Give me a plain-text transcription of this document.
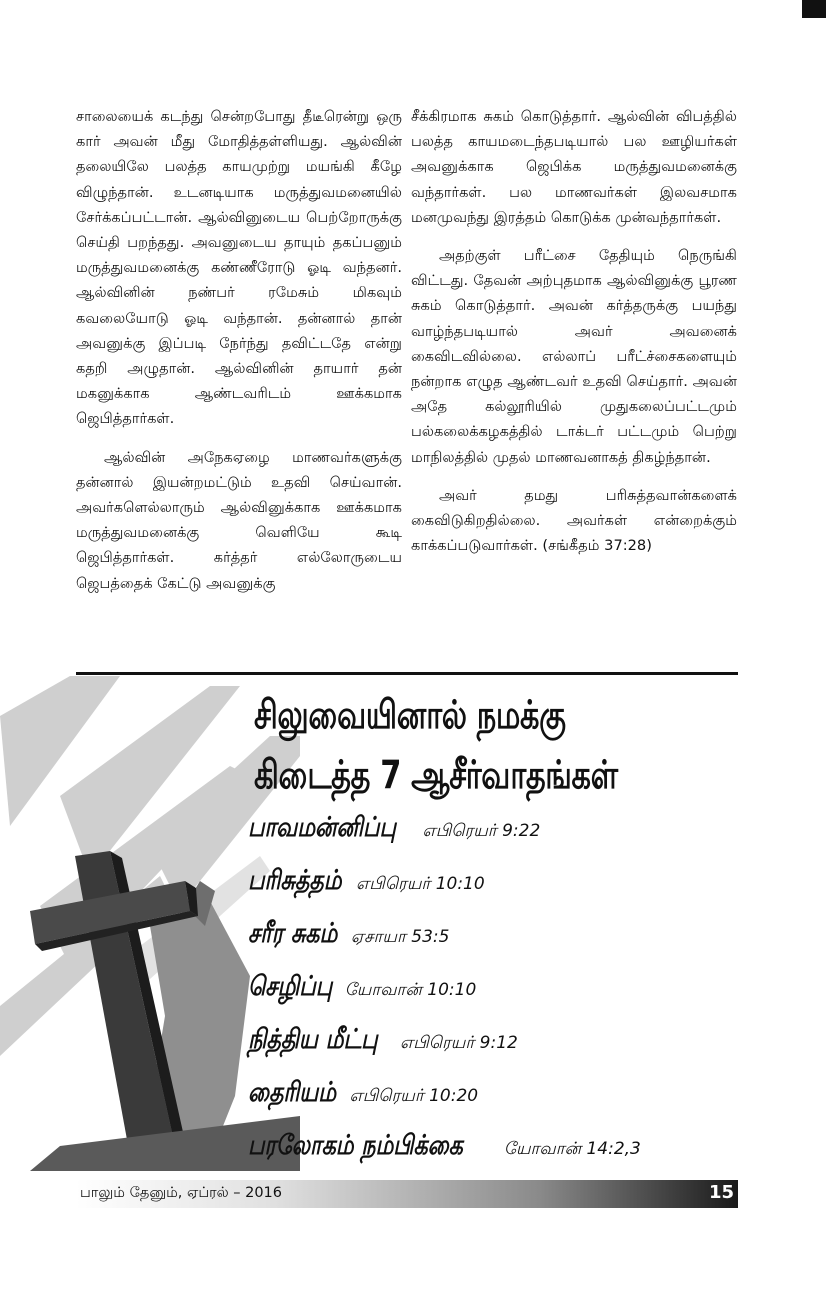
சாலையைக் கடந்து சென்றபோது தீடீரென்று ஒரு கார் அவன் மீது மோதித்தள்ளியது. ஆல்வின் தலையிலே பலத்த காயமுற்று மயங்கி கீழே விழுந்தான். உடனடியாக மருத்துவமனையில் சேர்க்கப்பட்டான். ஆல்வினுடைய பெற்றோருக்கு செய்தி பறந்தது. அவனுடைய தாயும் தகப்பனும் மருத்துவமனைக்கு கண்ணீரோடு ஓடி வந்தனர். ஆல்வினின் நண்பர் ரமேசும் மிகவும் கவலையோடு ஓடி வந்தான். தன்னால் தான் அவனுக்கு இப்படி நேர்ந்து தவிட்டதே என்று கதறி அழுதான். ஆல்வினின் தாயார் தன் மகனுக்காக ஆண்டவரிடம் ஊக்கமாக ஜெபித்தார்கள்.

ஆல்வின் அநேகஏழை மாணவர்களுக்கு தன்னால் இயன்றமட்டும் உதவி செய்வான். அவர்களெல்லாரும் ஆல்வினுக்காக ஊக்கமாக மருத்துவமனைக்கு வெளியே கூடி ஜெபித்தார்கள். கர்த்தர் எல்லோருடைய ஜெபத்தைக் கேட்டு அவனுக்கு

சீக்கிரமாக சுகம் கொடுத்தார். ஆல்வின் விபத்தில் பலத்த காயமடைந்தபடியால் பல ஊழியர்கள் அவனுக்காக ஜெபிக்க மருத்துவமனைக்கு வந்தார்கள். பல மாணவர்கள் இலவசமாக மனமுவந்து இரத்தம் கொடுக்க முன்வந்தார்கள்.

அதற்குள் பரீட்சை தேதியும் நெருங்கி விட்டது. தேவன் அற்புதமாக ஆல்வினுக்கு பூரண சுகம் கொடுத்தார். அவன் கர்த்தருக்கு பயந்து வாழ்ந்தபடியால் அவர் அவனைக் கைவிடவில்லை. எல்லாப் பரீட்ச்சைகளையும் நன்றாக எழுத ஆண்டவர் உதவி செய்தார். அவன் அதே கல்லூரியில் முதுகலைப்பட்டமும் பல்கலைக்கழகத்தில் டாக்டர் பட்டமும் பெற்று மாநிலத்தில் முதல் மாணவனாகத் திகழ்ந்தான்.

அவர் தமது பரிசுத்தவான்களைக் கைவிடுகிறதில்லை. அவர்கள் என்றைக்கும் காக்கப்படுவார்கள். (சங்கீதம் 37:28)

சிலுவையினால் நமக்கு
கிடைத்த 7 ஆசீர்வாதங்கள்
பாவமன்னிப்பு எபிரெயர் 9:22
பரிசுத்தம் எபிரெயர் 10:10
சரீர சுகம் ஏசாயா 53:5
செழிப்பு யோவான் 10:10
நித்திய மீட்பு எபிரெயர் 9:12
தைரியம் எபிரெயர் 10:20
பரலோகம் நம்பிக்கை யோவான் 14:2,3
பாலும் தேனும், ஏப்ரல் – 2016	15
